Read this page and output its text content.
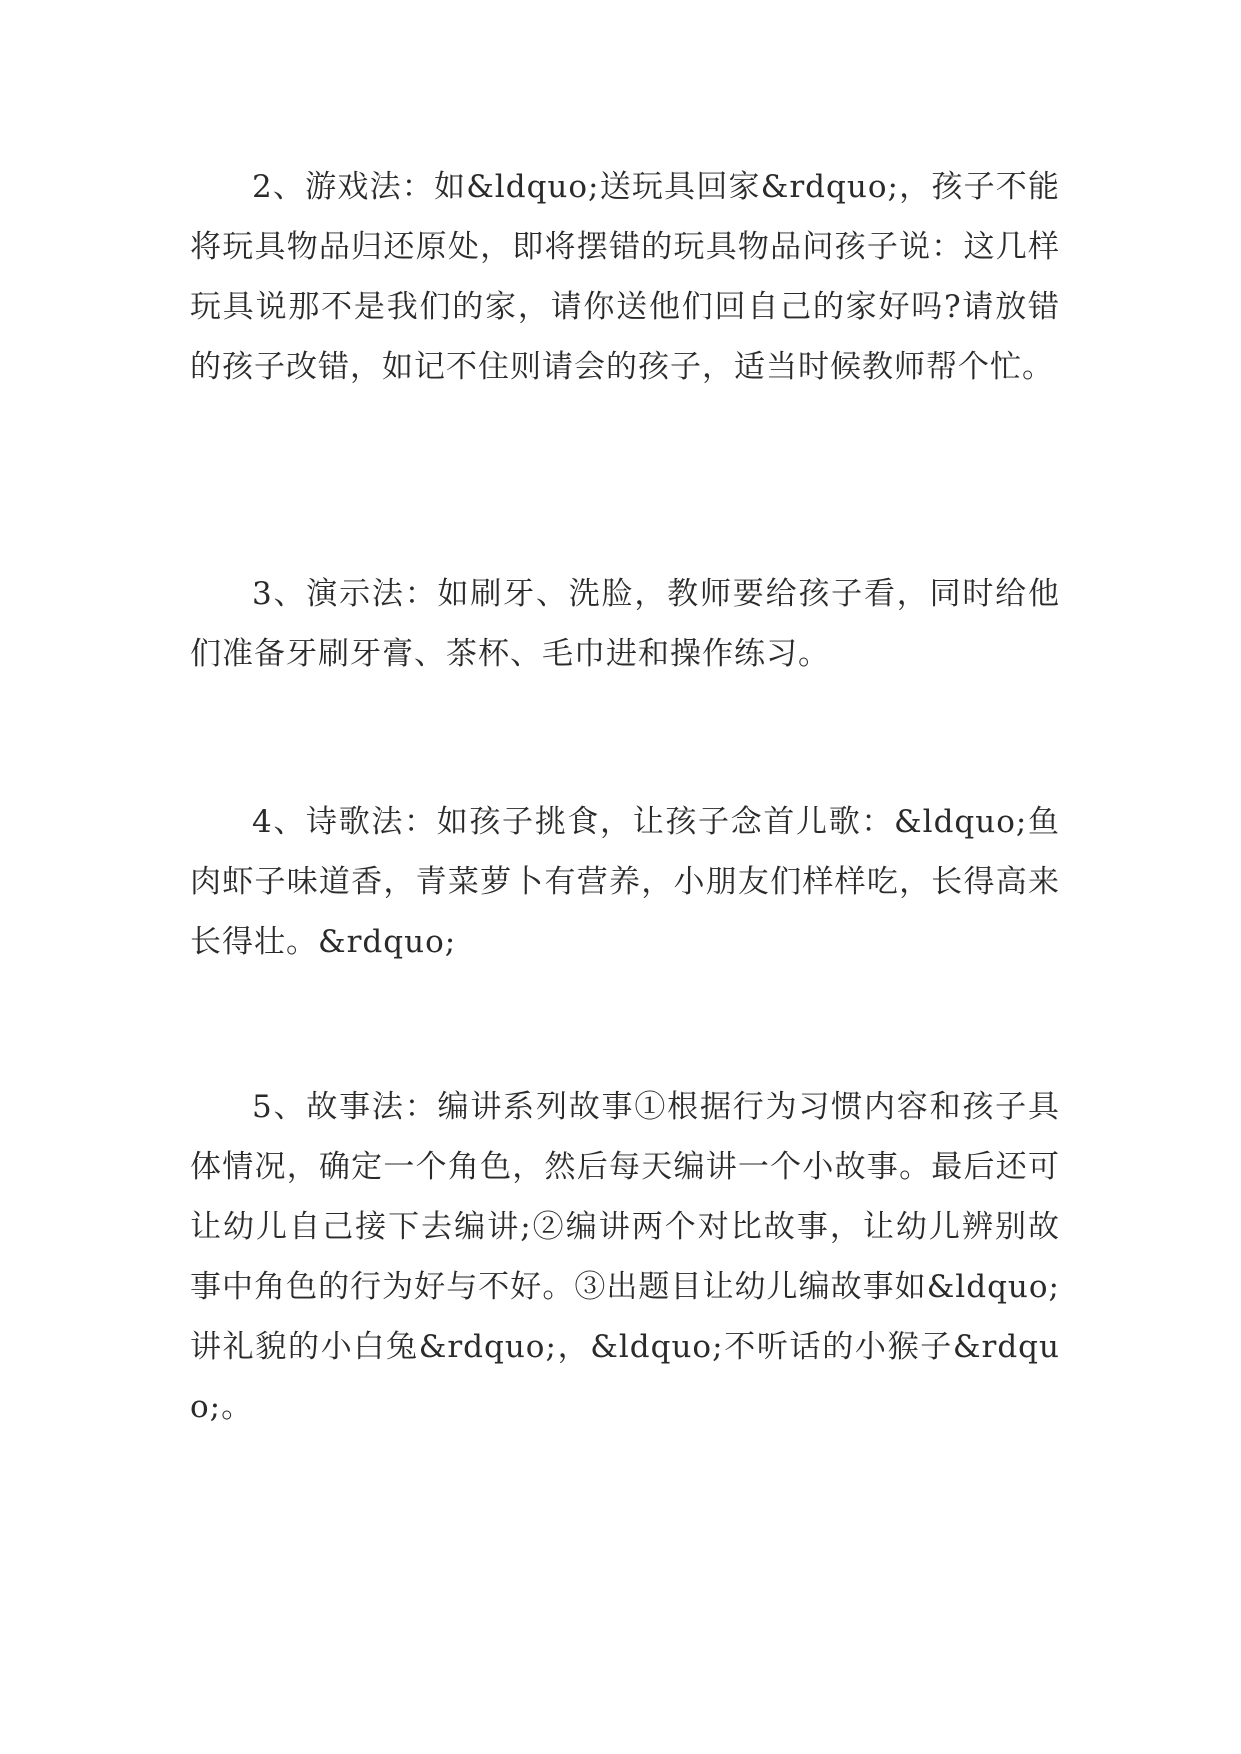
2、游戏法：如&ldquo;送玩具回家&rdquo;，孩子不能将玩具物品归还原处，即将摆错的玩具物品问孩子说：这几样玩具说那不是我们的家，请你送他们回自己的家好吗?请放错的孩子改错，如记不住则请会的孩子，适当时候教师帮个忙。

3、演示法：如刷牙、洗脸，教师要给孩子看，同时给他们准备牙刷牙膏、茶杯、毛巾进和操作练习。

4、诗歌法：如孩子挑食，让孩子念首儿歌：&ldquo;鱼肉虾子味道香，青菜萝卜有营养，小朋友们样样吃，长得高来长得壮。&rdquo;

5、故事法：编讲系列故事①根据行为习惯内容和孩子具体情况，确定一个角色，然后每天编讲一个小故事。最后还可让幼儿自己接下去编讲;②编讲两个对比故事，让幼儿辨别故事中角色的行为好与不好。③出题目让幼儿编故事如&ldquo;讲礼貌的小白兔&rdquo;，&ldquo;不听话的小猴子&rdquo;。
